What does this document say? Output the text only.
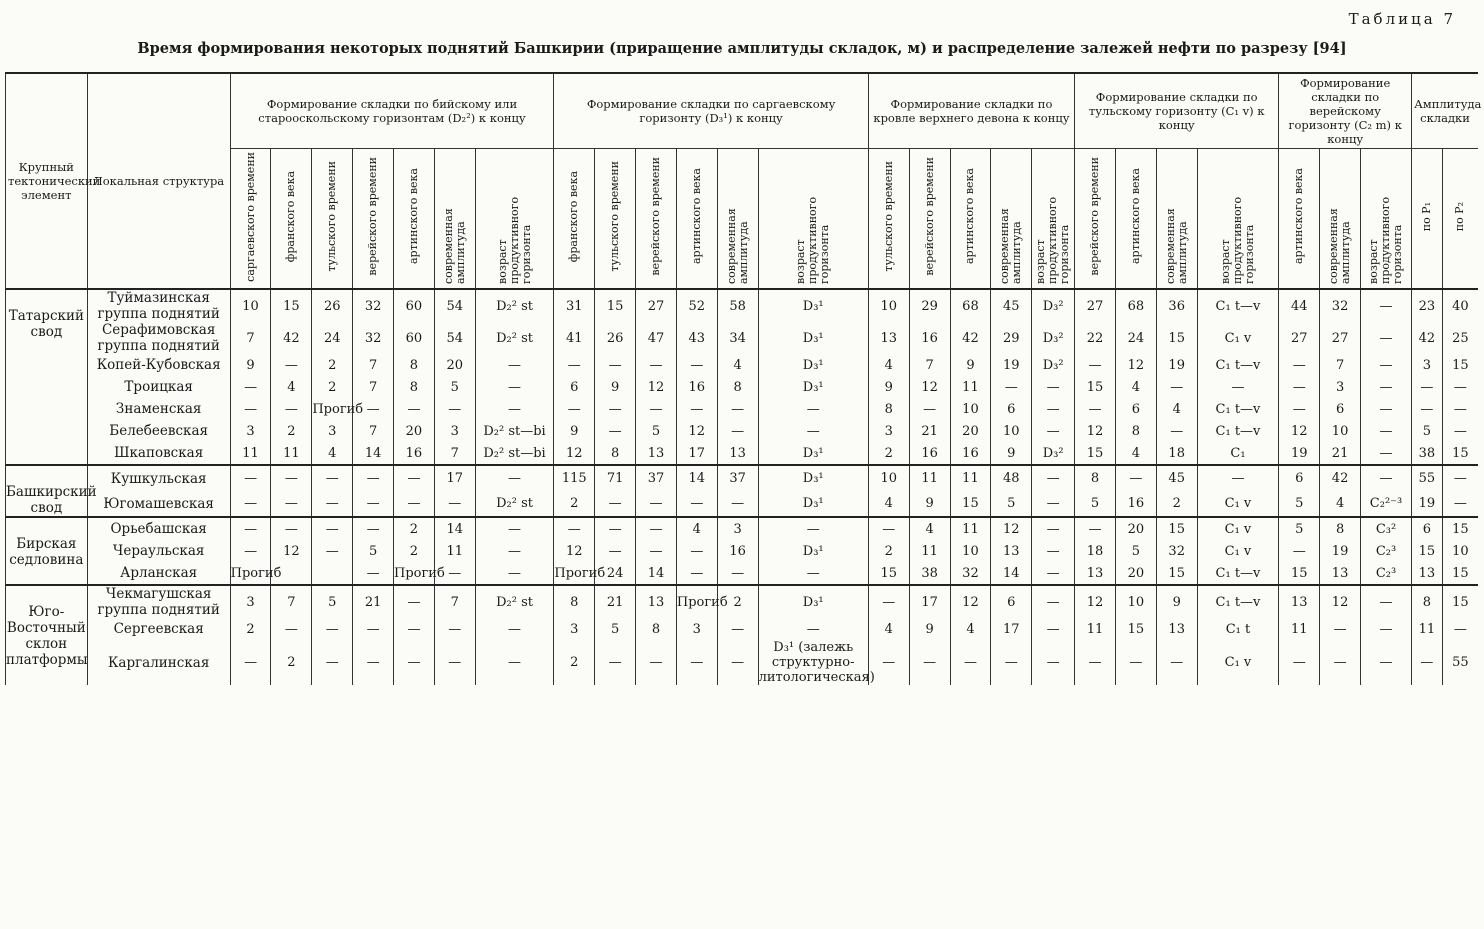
Таблица 7
Время формирования некоторых поднятий Башкирии (приращение амплитуды складок, м) и распределение залежей нефти по разрезу [94]
Крупный тектонический элемент	Локальная структура	Формирование складки по бийскому или старооскольскому горизонтам (D₂²) к концу							Формирование складки по саргаевскому горизонту (D₃¹) к концу						Формирование складки по кровле верхнего девона к концу					Формирование складки по тульскому горизонту (C₁ v) к концу				Формирование складки по верейскому горизонту (C₂ m) к концу			Амплитуда складки	

		саргаевского времени	франского века	тульского времени	верейского времени	артинского века	современная амплитуда	возраст продуктивного горизонта	франского века	тульского времени	верейского времени	артинского века	современная амплитуда	возраст продуктивного горизонта	тульского времени	верейского времени	артинского века	современная амплитуда	возраст продуктивного горизонта	верейского времени	артинского века	современная амплитуда	возраст продуктивного горизонта	артинского века	современная амплитуда	возраст продуктивного горизонта	по P₁	по P₂
Татарский свод	Туймазинская группа поднятий	10	15	26	32	60	54	D₂² st	31	15	27	52	58	D₃¹	10	29	68	45	D₃²	27	68	36	C₁ t—v	44	32	—	23	40
	Серафимовская группа поднятий	7	42	24	32	60	54	D₂² st	41	26	47	43	34	D₃¹	13	16	42	29	D₃²	22	24	15	C₁ v	27	27	—	42	25
	Копей-Кубовская	9	—	2	7	8	20	—	—	—	—	—	4	D₃¹	4	7	9	19	D₃²	—	12	19	C₁ t—v	—	7	—	3	15
	Троицкая	—	4	2	7	8	5	—	6	9	12	16	8	D₃¹	9	12	11	—	—	15	4	—	—	—	3	—	—	—
	Знаменская	—	—	Прогиб	—	—	—	—	—	—	—	—	—	—	8	—	10	6	—	—	6	4	C₁ t—v	—	6	—	—	—
	Белебеевская	3	2	3	7	20	3	D₂² st—bi	9	—	5	12	—	—	3	21	20	10	—	12	8	—	C₁ t—v	12	10	—	5	—
	Шкаповская	11	11	4	14	16	7	D₂² st—bi	12	8	13	17	13	D₃¹	2	16	16	9	D₃²	15	4	18	C₁	19	21	—	38	15
Башкирский свод	Кушкульская	—	—	—	—	—	17	—	115	71	37	14	37	D₃¹	10	11	11	48	—	8	—	45	—	6	42	—	55	—
	Югомашевская	—	—	—	—	—	—	D₂² st	2	—	—	—	—	D₃¹	4	9	15	5	—	5	16	2	C₁ v	5	4	C₂²⁻³	19	—
Бирская седловина	Орьебашская	—	—	—	—	2	14	—	—	—	—	4	3	—	—	4	11	12	—	—	20	15	C₁ v	5	8	C₃²	6	15
	Чераульская	—	12	—	5	2	11	—	12	—	—	—	16	D₃¹	2	11	10	13	—	18	5	32	C₁ v	—	19	C₂³	15	10
	Арланская	Прогиб			—	Прогиб	—	—	Прогиб	24	14	—	—	—	15	38	32	14	—	13	20	15	C₁ t—v	15	13	C₂³	13	15
Юго-Восточный склон платформы	Чекмагушская группа поднятий	3	7	5	21	—	7	D₂² st	8	21	13	Прогиб	2	D₃¹	—	17	12	6	—	12	10	9	C₁ t—v	13	12	—	8	15
	Сергеевская	2	—	—	—	—	—	—	3	5	8	3	—	—	4	9	4	17	—	11	15	13	C₁ t	11	—	—	11	—
	Каргалинская	—	2	—	—	—	—	—	2	—	—	—	—	D₃¹ (залежь структурно-литологическая)	—	—	—	—	—	—	—	—	C₁ v	—	—	—	—	55
